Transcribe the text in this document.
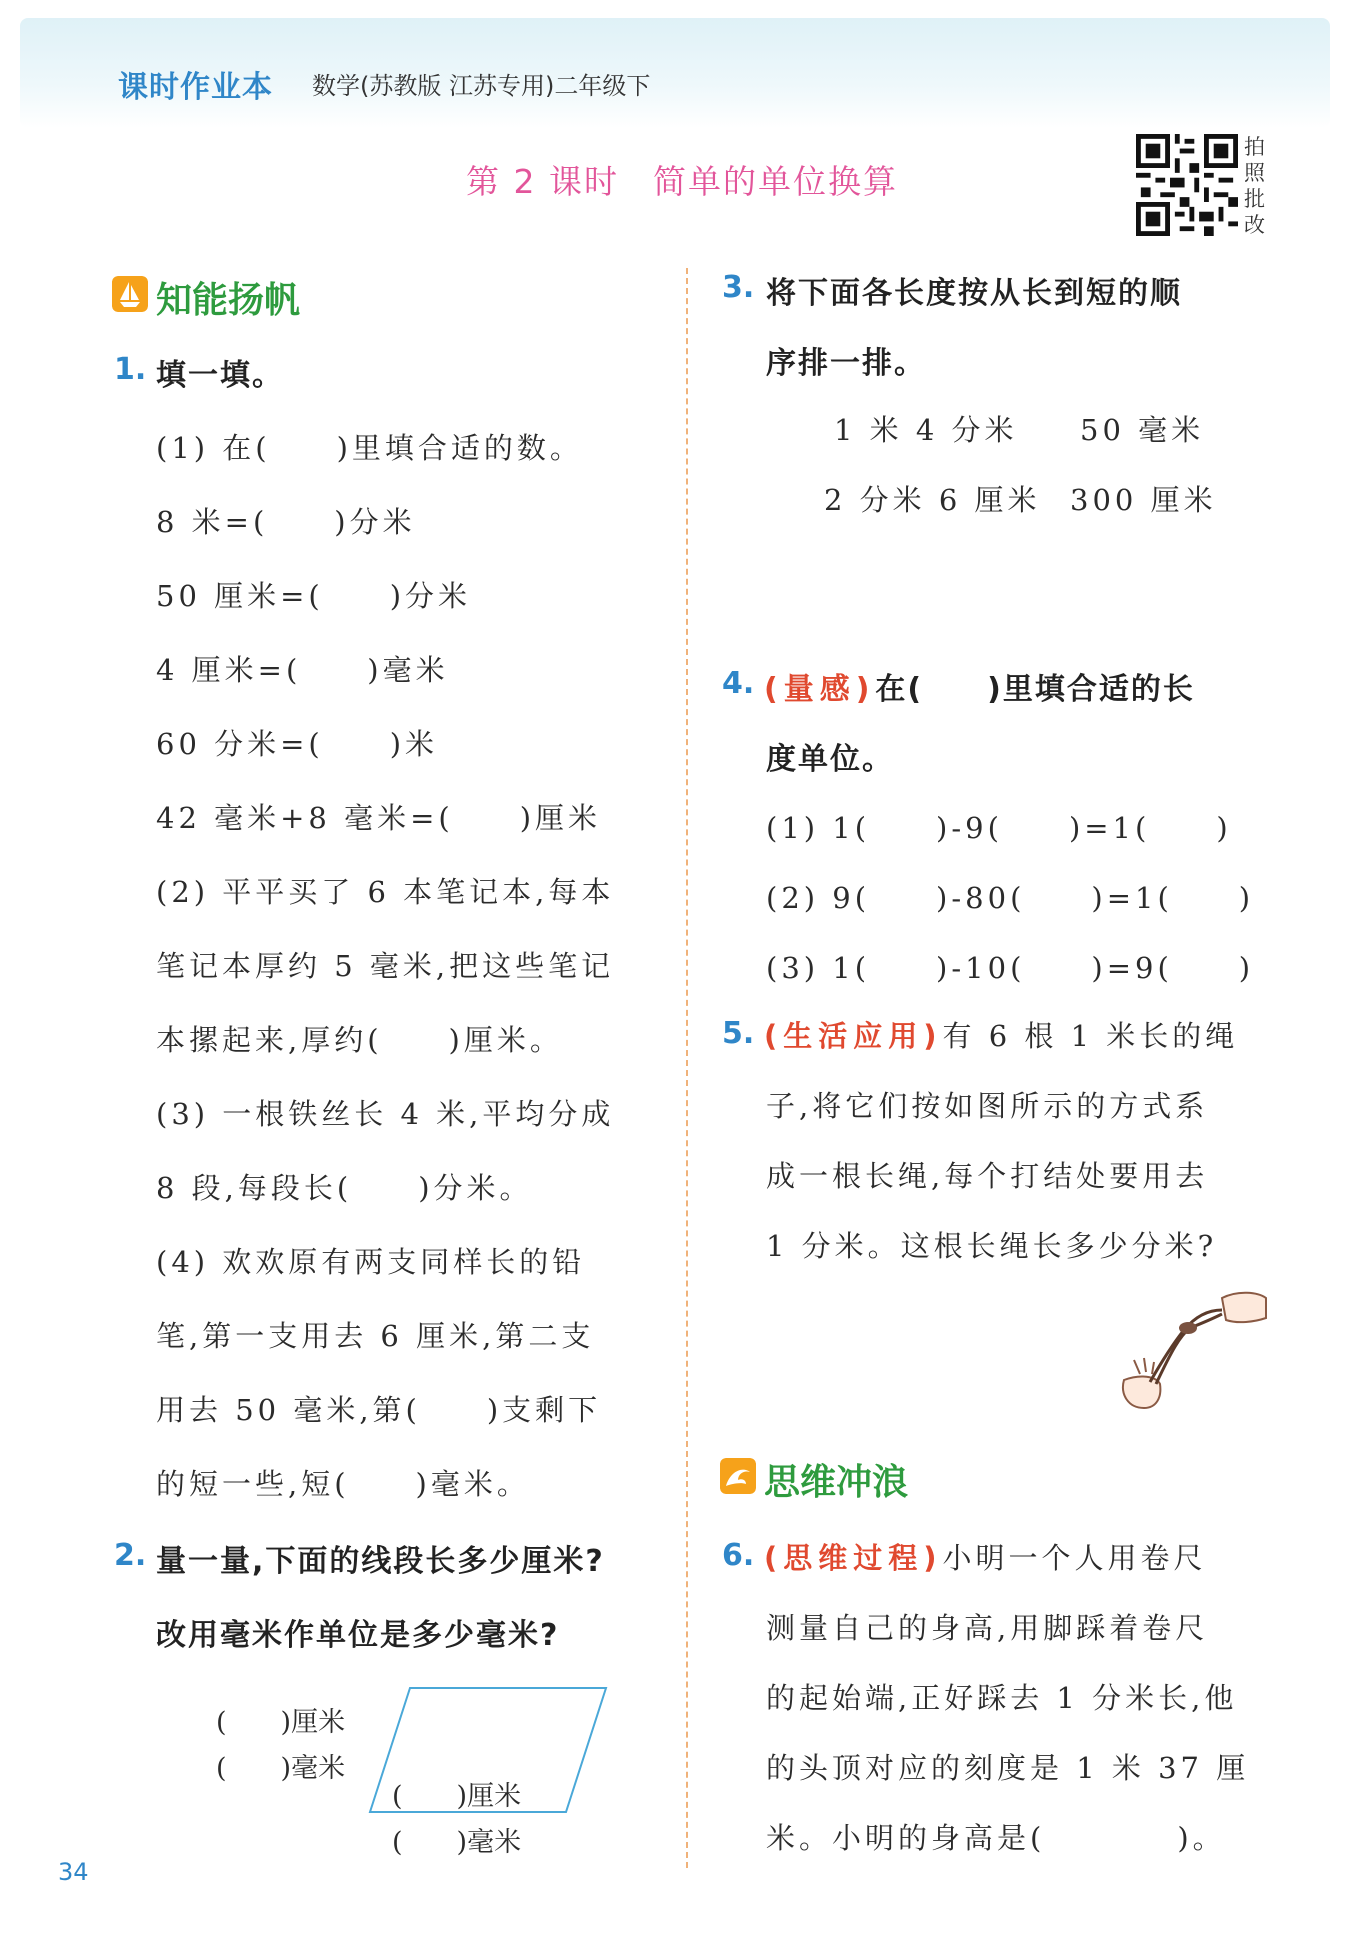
课时作业本 数学(苏教版 江苏专用)二年级下
第 2 课时 简单的单位换算
拍照批改
知能扬帆
1. 填一填。
(1) 在(　　)里填合适的数。
8 米=(　　)分米
50 厘米=(　　)分米
4 厘米=(　　)毫米
60 分米=(　　)米
42 毫米+8 毫米=(　　)厘米
(2) 平平买了 6 本笔记本,每本
笔记本厚约 5 毫米,把这些笔记
本摞起来,厚约(　　)厘米。
(3) 一根铁丝长 4 米,平均分成
8 段,每段长(　　)分米。
(4) 欢欢原有两支同样长的铅
笔,第一支用去 6 厘米,第二支
用去 50 毫米,第(　　)支剩下
的短一些,短(　　)毫米。
2. 量一量,下面的线段长多少厘米?
改用毫米作单位是多少毫米?
(　　)厘米
(　　)毫米
(　　)厘米
(　　)毫米
3. 将下面各长度按从长到短的顺
序排一排。
1 米 4 分米 50 毫米
2 分米 6 厘米 300 厘米
4. (量感)在(　　)里填合适的长
度单位。
(1) 1(　　)-9(　　)=1(　　)
(2) 9(　　)-80(　　)=1(　　)
(3) 1(　　)-10(　　)=9(　　)
5. (生活应用)有 6 根 1 米长的绳
子,将它们按如图所示的方式系
成一根长绳,每个打结处要用去
1 分米。这根长绳长多少分米?
思维冲浪
6. (思维过程)小明一个人用卷尺
测量自己的身高,用脚踩着卷尺
的起始端,正好踩去 1 分米长,他
的头顶对应的刻度是 1 米 37 厘
米。小明的身高是(　　　　)。
34
